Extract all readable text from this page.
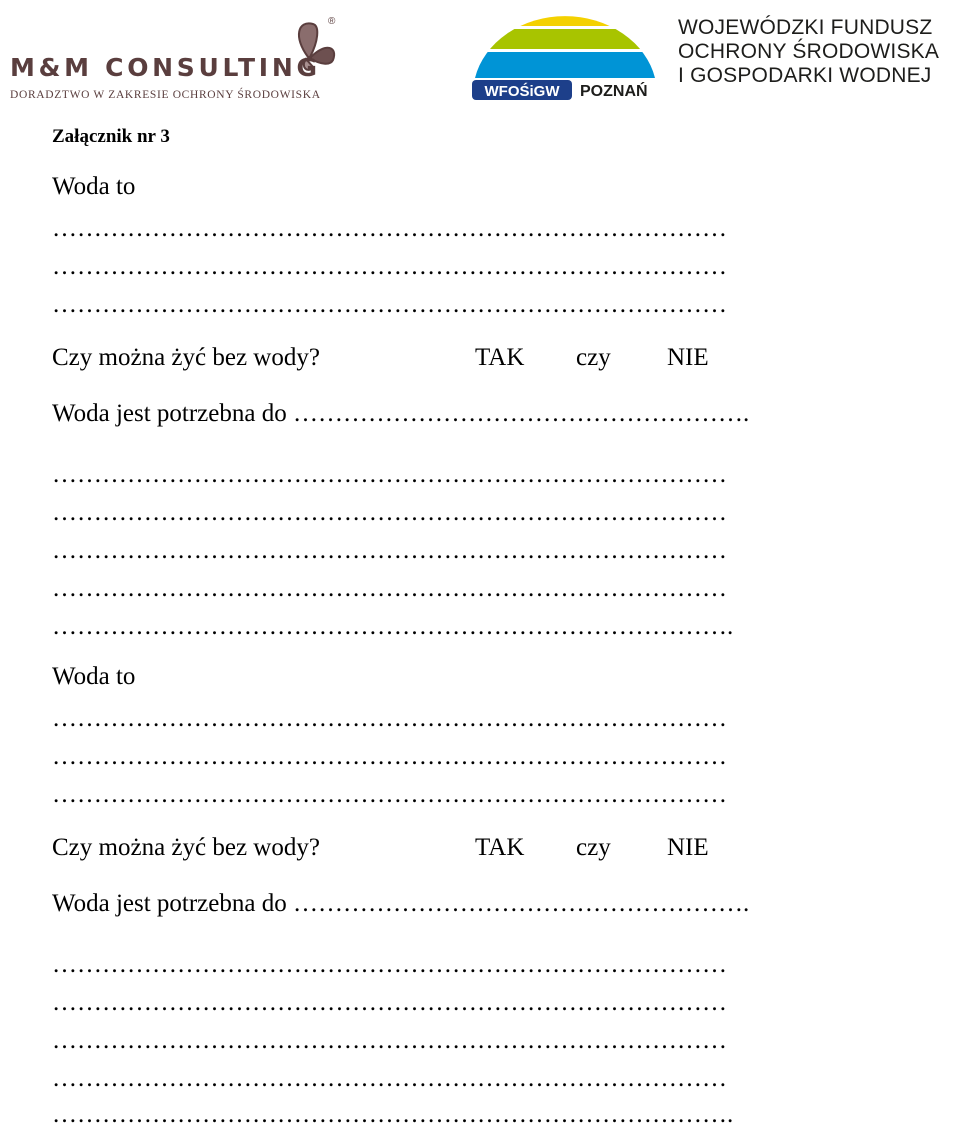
®
M&M CONSULTING
DORADZTWO W ZAKRESIE OCHRONY ŚRODOWISKA	WFOŚiGW POZNAŃ
WOJEWÓDZKI FUNDUSZ
OCHRONY ŚRODOWISKA
I GOSPODARKI WODNEJ
Załącznik nr 3
Woda to
………………………………………………………………………
………………………………………………………………………
………………………………………………………………………
Czy można żyć bez wody?	TAK czy NIE
Woda jest potrzebna do ……………………………………………….
………………………………………………………………………
………………………………………………………………………
………………………………………………………………………
………………………………………………………………………
……………………………………………………………………….
Woda to
………………………………………………………………………
………………………………………………………………………
………………………………………………………………………
Czy można żyć bez wody?	TAK czy NIE
Woda jest potrzebna do ……………………………………………….
………………………………………………………………………
………………………………………………………………………
………………………………………………………………………
………………………………………………………………………
……………………………………………………………………….
